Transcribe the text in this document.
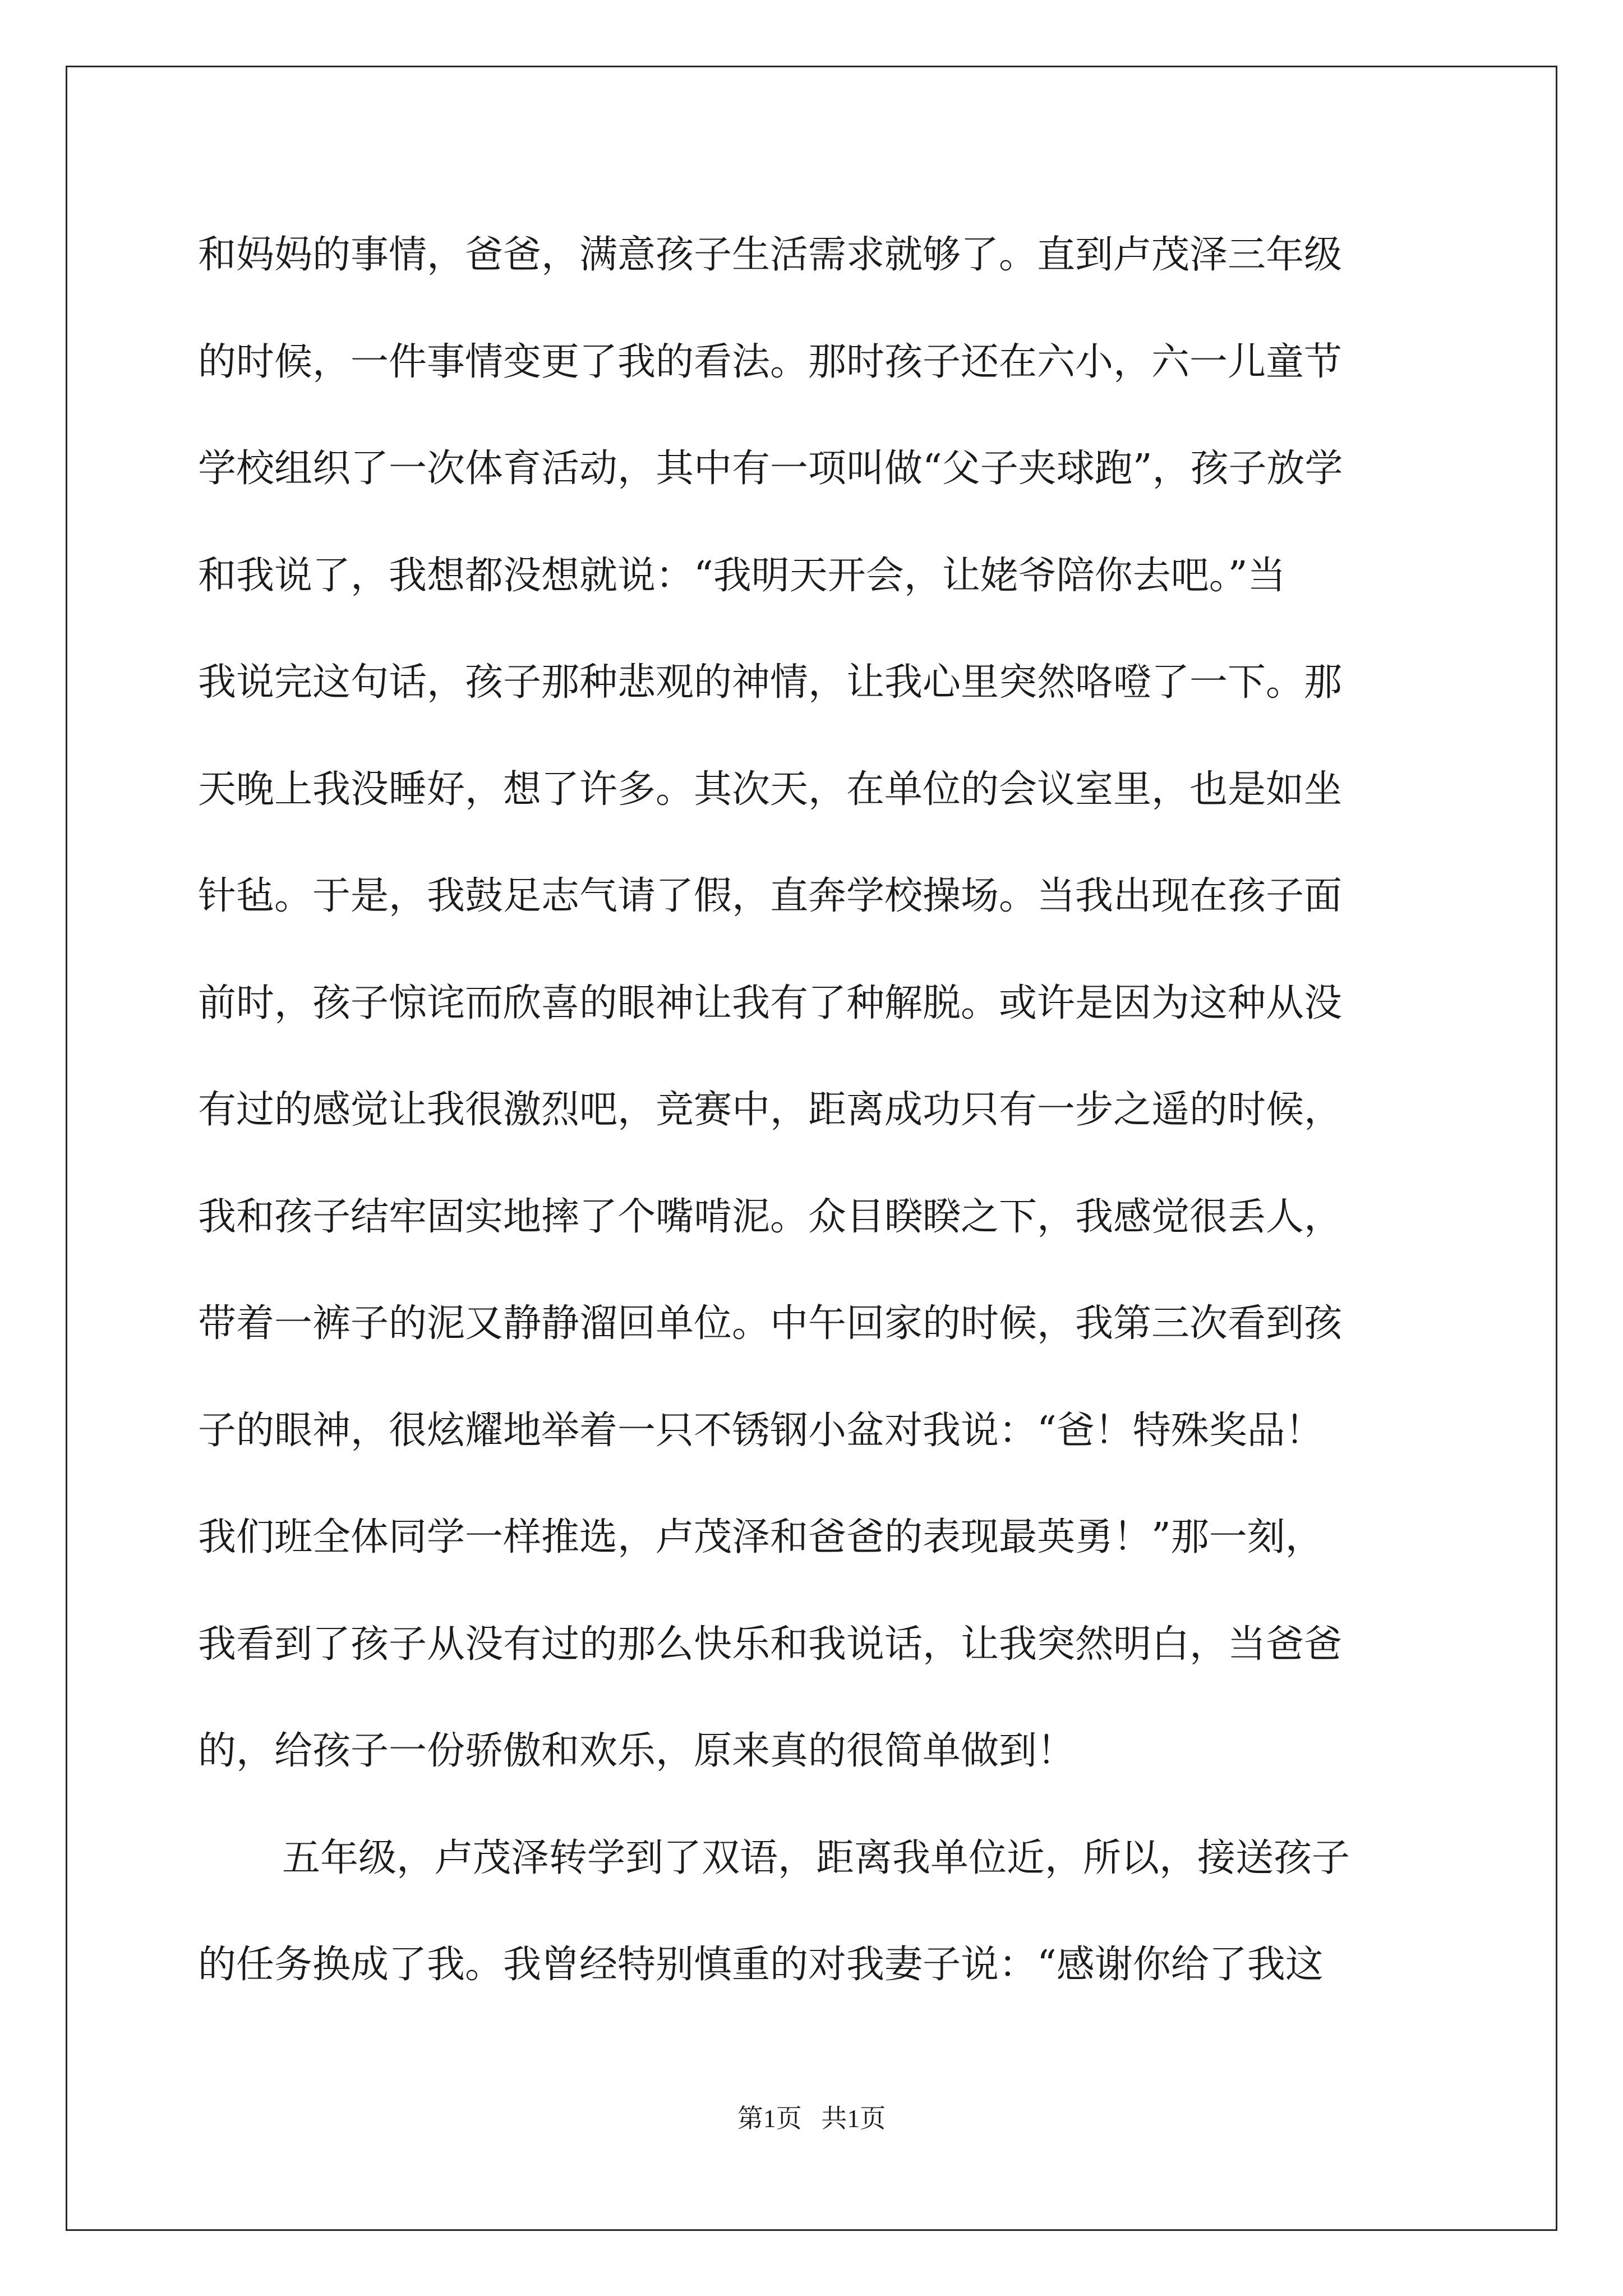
和妈妈的事情，爸爸，满意孩子生活需求就够了。直到卢茂泽三年级
的时候，一件事情变更了我的看法。那时孩子还在六小，六一儿童节
学校组织了一次体育活动，其中有一项叫做“父子夹球跑”，孩子放学
和我说了，我想都没想就说：“我明天开会，让姥爷陪你去吧。”当
我说完这句话，孩子那种悲观的神情，让我心里突然咯噔了一下。那
天晚上我没睡好，想了许多。其次天，在单位的会议室里，也是如坐
针毡。于是，我鼓足志气请了假，直奔学校操场。当我出现在孩子面
前时，孩子惊诧而欣喜的眼神让我有了种解脱。或许是因为这种从没
有过的感觉让我很激烈吧，竞赛中，距离成功只有一步之遥的时候，
我和孩子结牢固实地摔了个嘴啃泥。众目睽睽之下，我感觉很丢人，
带着一裤子的泥又静静溜回单位。中午回家的时候，我第三次看到孩
子的眼神，很炫耀地举着一只不锈钢小盆对我说：“爸！特殊奖品！
我们班全体同学一样推选，卢茂泽和爸爸的表现最英勇！”那一刻，
我看到了孩子从没有过的那么快乐和我说话，让我突然明白，当爸爸
的，给孩子一份骄傲和欢乐，原来真的很简单做到！
五年级，卢茂泽转学到了双语，距离我单位近，所以，接送孩子
的任务换成了我。我曾经特别慎重的对我妻子说：“感谢你给了我这
第1页   共1页
